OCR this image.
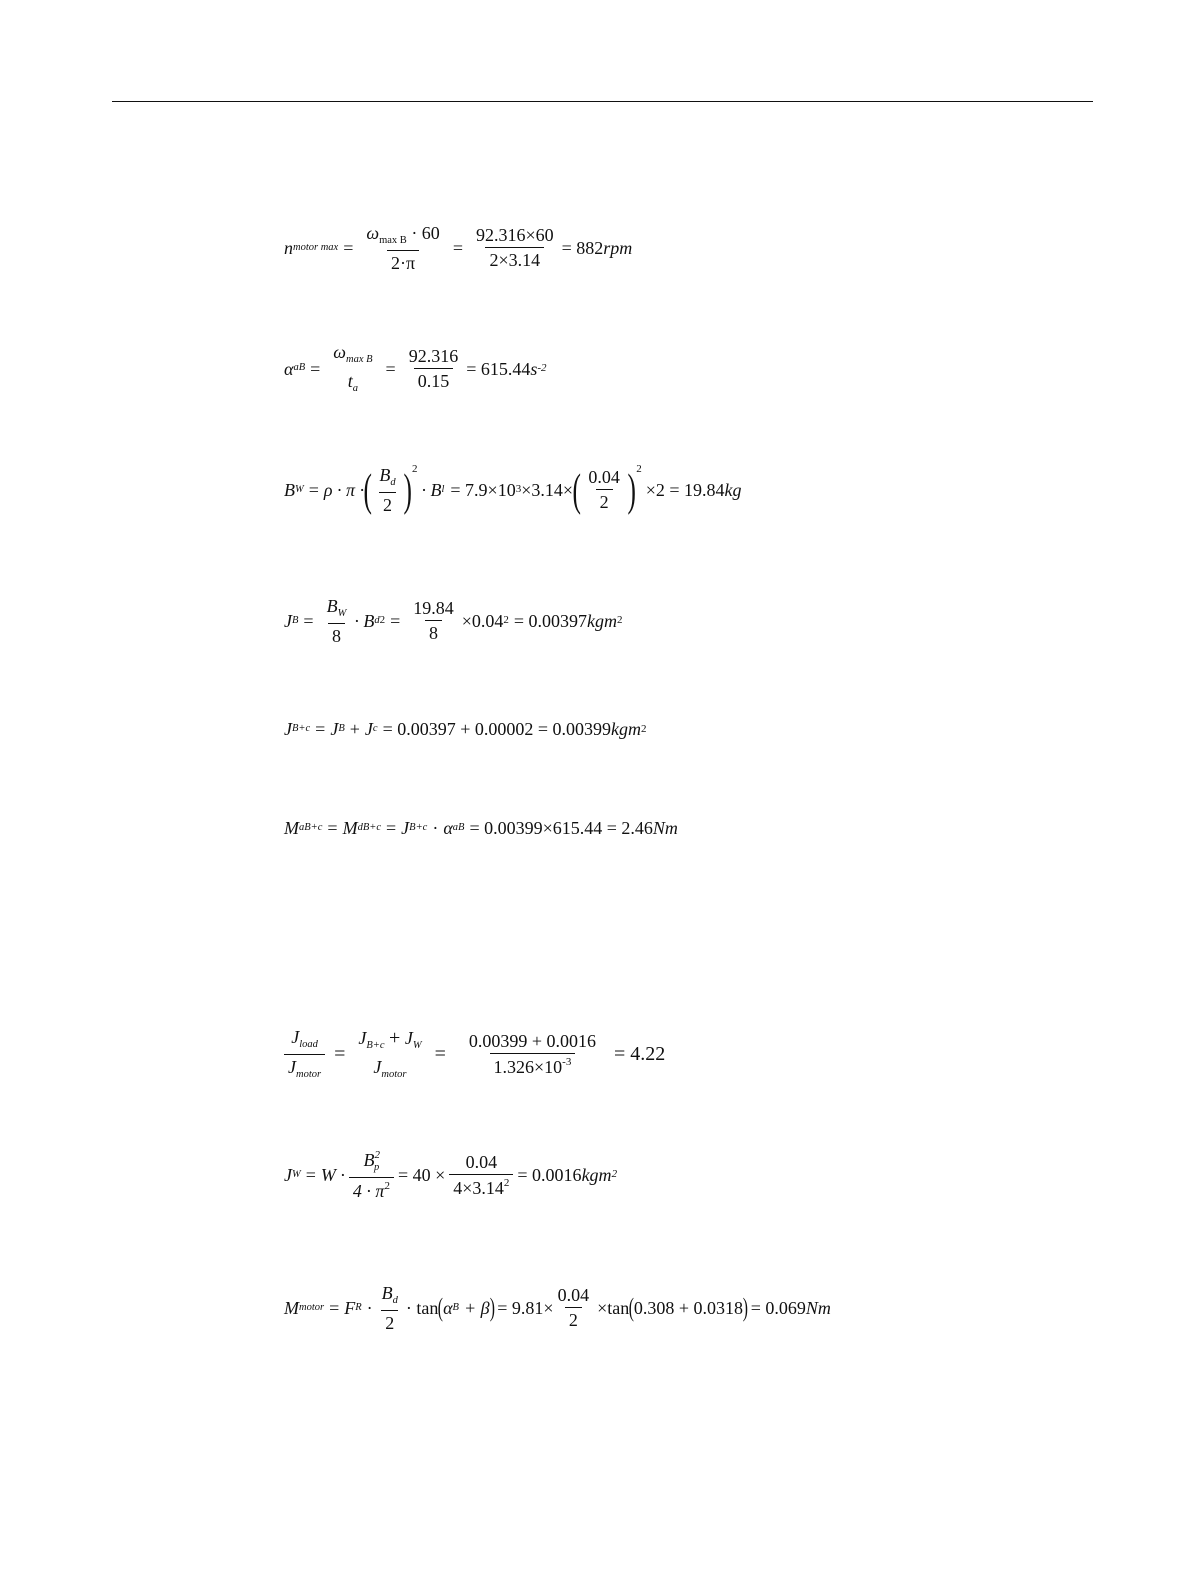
n motor $\max = \frac{\omega_{max B} \cdot 60}{2\cdot\pi} = \frac{92.316\times 60}{2\times 3.14} = 882$ rpm
α aB =
$\omega_{max B}$
$t_a$
= $\frac{92.316}{0.15} = 615.44$ s -2
B W = ρ · π · ( $\frac{B_d}{2}$ ) 2
· B l = 7.9×10 3 ×3.14× ( $\frac{0.04}{2}$ ) 2
×2 = 19.84 kg
J $B = \frac{B_W}{8} \cdot B$ d $2 = \frac{19.84}{8} \times 0.04$ 2 = 0.00397 kgm 2
J B+c = J B + J c = 0.00397 + 0.00002 = 0.00399 kgm 2
M aB+c = M dB+c = J B+c · α aB = 0.00399×615.44 = 2.46 Nm
$\frac{J_{load}}{J_{motor}}$ =
$J_{B+c} + J_W$
$J_{motor}$
= $\frac{0.00399 + 0.0016}{1.326\times 10^{-3}} = 4.22$
J $W = W \cdot \frac{B^2_p}{4 \cdot \pi^2} = 40 \times \frac{0.04}{4\times 3.14^2} = 0.0016$ kgm 2
M motor = F $R \cdot \frac{B_d}{2} \cdot \tan$ ( α B + β ) = $9.81\times \frac{0.04}{2} \times\tan$ ( 0.308 + 0.0318 ) = 0.069 Nm
